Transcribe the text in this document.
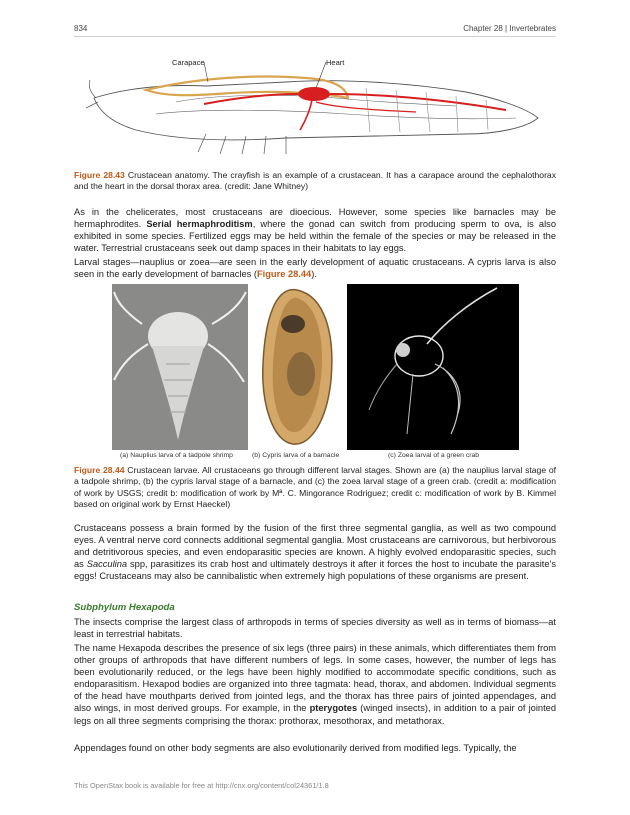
834	Chapter 28 | Invertebrates
Carapace	Heart
Figure 28.43 Crustacean anatomy. The crayfish is an example of a crustacean. It has a carapace around the cephalothorax and the heart in the dorsal thorax area. (credit: Jane Whitney)

As in the chelicerates, most crustaceans are dioecious. However, some species like barnacles may be hermaphrodites. Serial hermaphroditism, where the gonad can switch from producing sperm to ova, is also exhibited in some species. Fertilized eggs may be held within the female of the species or may be released in the water. Terrestrial crustaceans seek out damp spaces in their habitats to lay eggs.

Larval stages—nauplius or zoea—are seen in the early development of aquatic crustaceans. A cypris larva is also seen in the early development of barnacles (Figure 28.44).

(a) Nauplius larva of a tadpole shrimp	(b) Cypris larva of a barnacle	(c) Zoea larval of a green crab
Figure 28.44 Crustacean larvae. All crustaceans go through different larval stages. Shown are (a) the nauplius larval stage of a tadpole shrimp, (b) the cypris larval stage of a barnacle, and (c) the zoea larval stage of a green crab. (credit a: modification of work by USGS; credit b: modification of work by Mª. C. Mingorance Rodriguez; credit c: modification of work by B. Kimmel based on original work by Ernst Haeckel)

Crustaceans possess a brain formed by the fusion of the first three segmental ganglia, as well as two compound eyes. A ventral nerve cord connects additional segmental ganglia. Most crustaceans are carnivorous, but herbivorous and detritivorous species, and even endoparasitic species are known. A highly evolved endoparasitic species, such as Sacculina spp, parasitizes its crab host and ultimately destroys it after it forces the host to incubate the parasite's eggs! Crustaceans may also be cannibalistic when extremely high populations of these organisms are present.

Subphylum Hexapoda

The insects comprise the largest class of arthropods in terms of species diversity as well as in terms of biomass—at least in terrestrial habitats.

The name Hexapoda describes the presence of six legs (three pairs) in these animals, which differentiates them from other groups of arthropods that have different numbers of legs. In some cases, however, the number of legs has been evolutionarily reduced, or the legs have been highly modified to accommodate specific conditions, such as endoparasitism. Hexapod bodies are organized into three tagmata: head, thorax, and abdomen. Individual segments of the head have mouthparts derived from jointed legs, and the thorax has three pairs of jointed appendages, and also wings, in most derived groups. For example, in the pterygotes (winged insects), in addition to a pair of jointed legs on all three segments comprising the thorax: prothorax, mesothorax, and metathorax.

Appendages found on other body segments are also evolutionarily derived from modified legs. Typically, the

This OpenStax book is available for free at http://cnx.org/content/col24361/1.8
